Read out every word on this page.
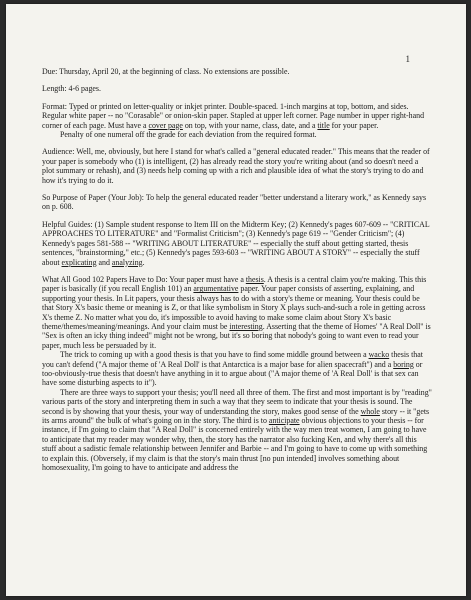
1

Due: Thursday, April 20, at the beginning of class. No extensions are possible.

Length: 4-6 pages.

Format: Typed or printed on letter-quality or inkjet printer. Double-spaced. 1-inch margins at top, bottom, and sides. Regular white paper -- no "Corasable" or onion-skin paper. Stapled at upper left corner. Page number in upper right-hand corner of each page. Must have a cover page on top, with your name, class, date, and a title for your paper.

Penalty of one numeral off the grade for each deviation from the required format.

Audience: Well, me, obviously, but here I stand for what's called a "general educated reader." This means that the reader of your paper is somebody who (1) is intelligent, (2) has already read the story you're writing about (and so doesn't need a plot summary or rehash), and (3) needs help coming up with a rich and plausible idea of what the story's trying to do and how it's trying to do it.

So Purpose of Paper (Your Job): To help the general educated reader "better understand a literary work," as Kennedy says on p. 608.

Helpful Guides: (1) Sample student response to Item III on the Midterm Key; (2) Kennedy's pages 607-609 -- "CRITICAL APPROACHES TO LITERATURE" and "Formalist Criticism"; (3) Kennedy's page 619 -- "Gender Criticism"; (4) Kennedy's pages 581-588 -- "WRITING ABOUT LITERATURE" -- especially the stuff about getting started, thesis sentences, "brainstorming," etc.; (5) Kennedy's pages 593-603 -- "WRITING ABOUT A STORY" -- especially the stuff about explicating and analyzing.

What All Good 102 Papers Have to Do: Your paper must have a thesis. A thesis is a central claim you're making. This this paper is basically (if you recall English 101) an argumentative paper. Your paper consists of asserting, explaining, and supporting your thesis. In Lit papers, your thesis always has to do with a story's theme or meaning. Your thesis could be that Story X's basic theme or meaning is Z, or that like symbolism in Story X plays such-and-such a role in getting across X's theme Z. No matter what you do, it's impossible to avoid having to make some claim about Story X's basic theme/themes/meaning/meanings. And your claim must be interesting. Asserting that the theme of Homes' "A Real Doll" is "Sex is often an icky thing indeed" might not be wrong, but it's so boring that nobody's going to want even to read your paper, much less be persuaded by it.

The trick to coming up with a good thesis is that you have to find some middle ground between a wacko thesis that you can't defend ("A major theme of 'A Real Doll' is that Antarctica is a major base for alien spacecraft") and a boring or too-obviously-true thesis that doesn't have anything in it to argue about ("A major theme of 'A Real Doll' is that sex can have some disturbing aspects to it").

There are three ways to support your thesis; you'll need all three of them. The first and most important is by "reading" various parts of the story and interpreting them in such a way that they seem to indicate that your thesis is sound. The second is by showing that your thesis, your way of understanding the story, makes good sense of the whole story -- it "gets its arms around" the bulk of what's going on in the story. The third is to anticipate obvious objections to your thesis -- for instance, if I'm going to claim that "A Real Doll" is concerned entirely with the way men treat women, I am going to have to anticipate that my reader may wonder why, then, the story has the narrator also fucking Ken, and why there's all this stuff about a sadistic female relationship between Jennifer and Barbie -- and I'm going to have to come up with something to explain this. (Obversely, if my claim is that the story's main thrust [no pun intended] involves something about homosexuality, I'm going to have to anticipate and address the
